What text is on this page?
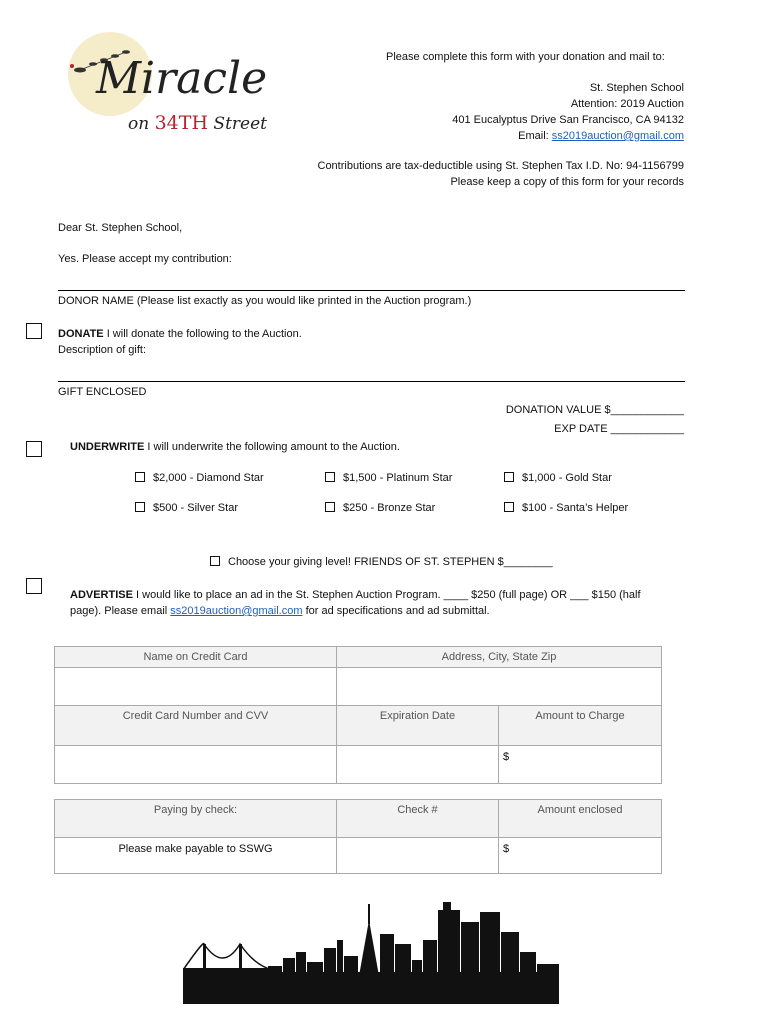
Miracle
on 34TH Street
Please complete this form with your donation and mail to:
St. Stephen School
Attention: 2019 Auction
401 Eucalyptus Drive San Francisco, CA 94132
Email: ss2019auction@gmail.com
Contributions are tax-deductible using St. Stephen Tax I.D. No: 94-1156799
Please keep a copy of this form for your records
Dear St. Stephen School,
Yes. Please accept my contribution:
DONOR NAME (Please list exactly as you would like printed in the Auction program.)
DONATE I will donate the following to the Auction.
Description of gift:
GIFT ENCLOSED
DONATION VALUE $____________
EXP DATE ____________
UNDERWRITE I will underwrite the following amount to the Auction.
$2,000 - Diamond Star	$1,500 - Platinum Star	$1,000 - Gold Star
$500 - Silver Star	$250 - Bronze Star	$100 - Santa’s Helper
Choose your giving level! FRIENDS OF ST. STEPHEN $________
ADVERTISE I would like to place an ad in the St. Stephen Auction Program. ____ $250 (full page) OR ___ $150 (half
page). Please email ss2019auction@gmail.com for ad specifications and ad submittal.
Name on Credit Card	Address, City, State Zip	

Credit Card Number and CVV	Expiration Date	Amount to Charge
		$
Paying by check:	Check #	Amount enclosed
Please make payable to SSWG		$
